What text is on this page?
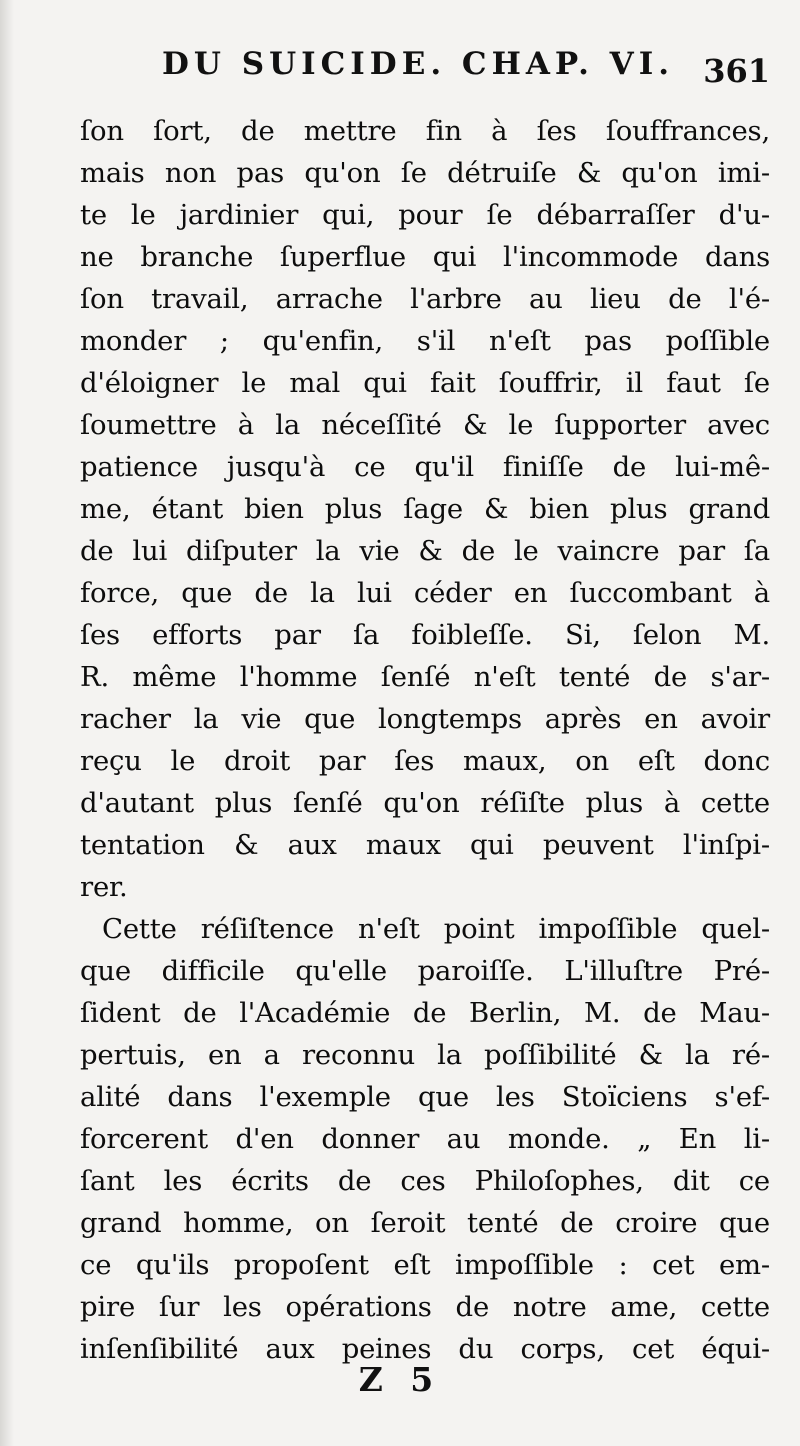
DU SUICIDE. CHAP. VI. 361
ſon ſort, de mettre fin à ſes ſouffrances,
mais non pas qu'on ſe détruiſe & qu'on imi-
te le jardinier qui, pour ſe débarraſſer d'u-
ne branche ſuperflue qui l'incommode dans
ſon travail, arrache l'arbre au lieu de l'é-
monder ; qu'enfin, s'il n'eſt pas poſſible
d'éloigner le mal qui fait ſouffrir, il faut ſe
ſoumettre à la néceſſité & le ſupporter avec
patience jusqu'à ce qu'il finiſſe de lui-mê-
me, étant bien plus ſage & bien plus grand
de lui diſputer la vie & de le vaincre par ſa
force, que de la lui céder en ſuccombant à
ſes efforts par ſa foibleſſe. Si, ſelon M.
R. même l'homme ſenſé n'eſt tenté de s'ar-
racher la vie que longtemps après en avoir
reçu le droit par ſes maux, on eſt donc
d'autant plus ſenſé qu'on réſiſte plus à cette
tentation & aux maux qui peuvent l'inſpi-
rer.
Cette réſiſtence n'eſt point impoſſible quel-
que difficile qu'elle paroiſſe. L'illuſtre Pré-
ſident de l'Académie de Berlin, M. de Mau-
pertuis, en a reconnu la poſſibilité & la ré-
alité dans l'exemple que les Stoïciens s'ef-
forcerent d'en donner au monde. „ En li-
ſant les écrits de ces Philoſophes, dit ce
grand homme, on ſeroit tenté de croire que
ce qu'ils propoſent eſt impoſſible : cet em-
pire ſur les opérations de notre ame, cette
inſenſibilité aux peines du corps, cet équi-
Z 5
